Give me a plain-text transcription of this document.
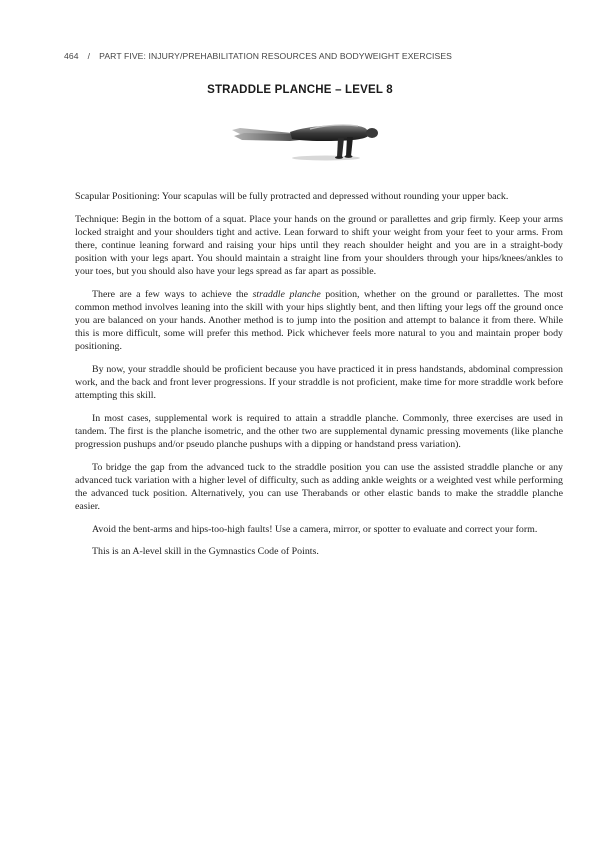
464 / PART FIVE: INJURY/PREHABILITATION RESOURCES AND BODYWEIGHT EXERCISES
STRADDLE PLANCHE – LEVEL 8

Scapular Positioning: Your scapulas will be fully protracted and depressed without rounding your upper back.

Technique: Begin in the bottom of a squat. Place your hands on the ground or parallettes and grip firmly. Keep your arms locked straight and your shoulders tight and active. Lean forward to shift your weight from your feet to your arms. From there, continue leaning forward and raising your hips until they reach shoulder height and you are in a straight-body position with your legs apart. You should maintain a straight line from your shoulders through your hips/knees/ankles to your toes, but you should also have your legs spread as far apart as possible.

There are a few ways to achieve the straddle planche position, whether on the ground or parallettes. The most common method involves leaning into the skill with your hips slightly bent, and then lifting your legs off the ground once you are balanced on your hands. Another method is to jump into the position and attempt to balance it from there. While this is more difficult, some will prefer this method. Pick whichever feels more natural to you and maintain proper body positioning.

By now, your straddle should be proficient because you have practiced it in press handstands, abdominal compression work, and the back and front lever progressions. If your straddle is not proficient, make time for more straddle work before attempting this skill.

In most cases, supplemental work is required to attain a straddle planche. Commonly, three exercises are used in tandem. The first is the planche isometric, and the other two are supplemental dynamic pressing movements (like planche progression pushups and/or pseudo planche pushups with a dipping or handstand press variation).

To bridge the gap from the advanced tuck to the straddle position you can use the assisted straddle planche or any advanced tuck variation with a higher level of difficulty, such as adding ankle weights or a weighted vest while performing the advanced tuck position. Alternatively, you can use Therabands or other elastic bands to make the straddle planche easier.

Avoid the bent-arms and hips-too-high faults! Use a camera, mirror, or spotter to evaluate and correct your form.

This is an A-level skill in the Gymnastics Code of Points.
